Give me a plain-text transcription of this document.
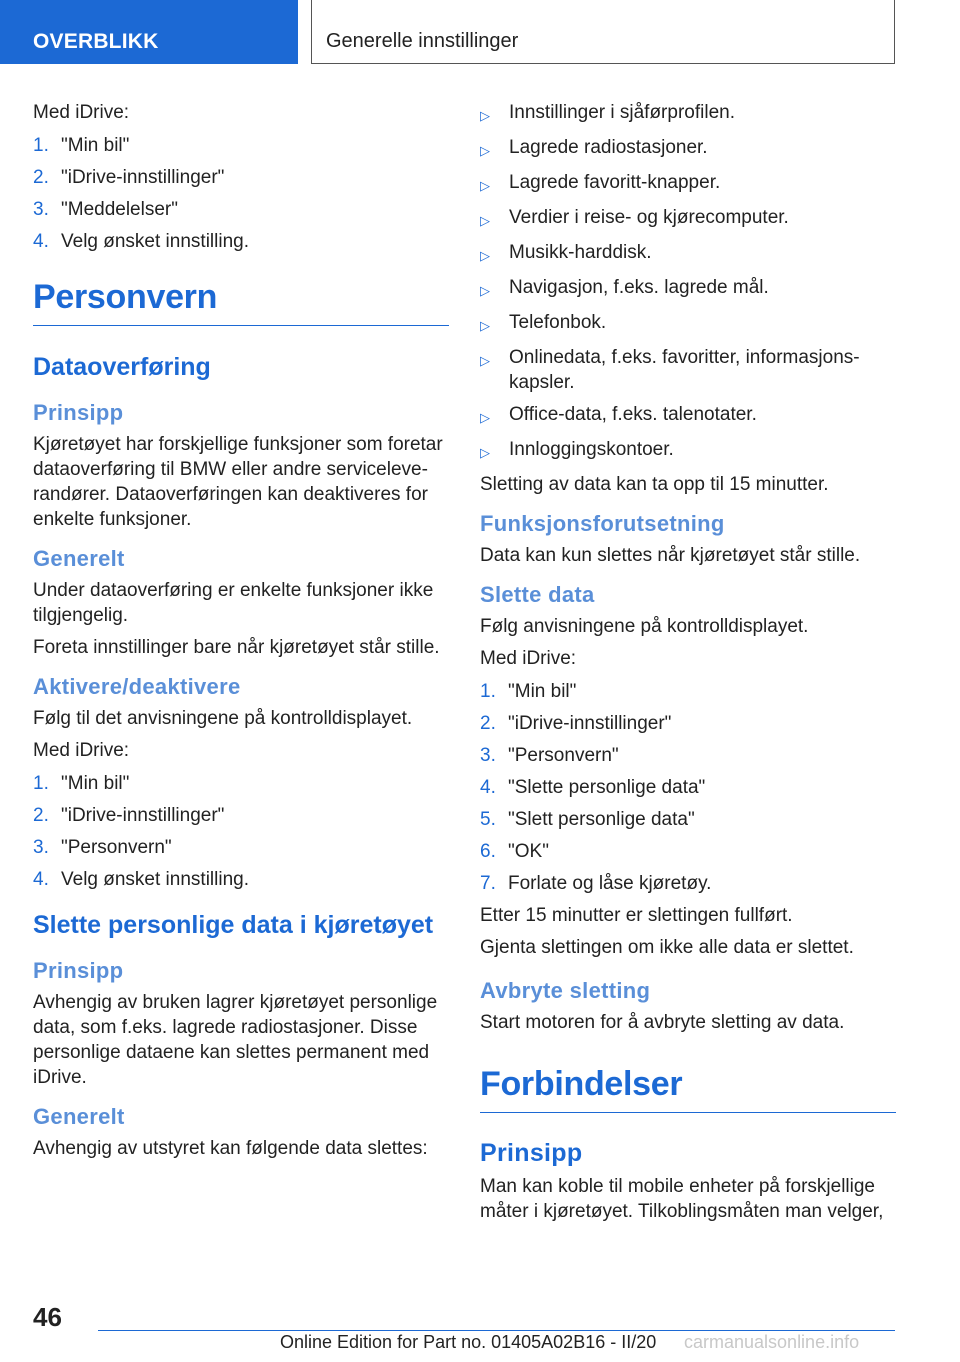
OVERBLIKK	Generelle innstillinger

Med iDrive:

1. "Min bil"
2. "iDrive-innstillinger"
3. "Meddelelser"
4. Velg ønsket innstilling.
Personvern
Dataoverføring
Prinsipp

Kjøretøyet har forskjellige funksjoner som foretar dataoverføring til BMW eller andre serviceleverandører. Dataoverføringen kan deaktiveres for enkelte funksjoner.

Generelt

Under dataoverføring er enkelte funksjoner ikke tilgjengelig.

Foreta innstillinger bare når kjøretøyet står stille.

Aktivere/deaktivere

Følg til det anvisningene på kontrolldisplayet.

Med iDrive:

1. "Min bil"
2. "iDrive-innstillinger"
3. "Personvern"
4. Velg ønsket innstilling.
Slette personlige data i kjøretøyet
Prinsipp

Avhengig av bruken lagrer kjøretøyet personlige data, som f.eks. lagrede radiostasjoner. Disse personlige dataene kan slettes permanent med iDrive.

Generelt

Avhengig av utstyret kan følgende data slettes:

▷	Innstillinger i sjåførprofilen.
▷	Lagrede radiostasjoner.
▷	Lagrede favoritt-knapper.
▷	Verdier i reise- og kjørecomputer.
▷	Musikk-harddisk.
▷	Navigasjon, f.eks. lagrede mål.
▷	Telefonbok.
▷	Onlinedata, f.eks. favoritter, informasjonskapsler.
▷	Office-data, f.eks. talenotater.
▷	Innloggingskontoer.

Sletting av data kan ta opp til 15 minutter.

Funksjonsforutsetning

Data kan kun slettes når kjøretøyet står stille.

Slette data

Følg anvisningene på kontrolldisplayet.

Med iDrive:

1. "Min bil"
2. "iDrive-innstillinger"
3. "Personvern"
4. "Slette personlige data"
5. "Slett personlige data"
6. "OK"
7. Forlate og låse kjøretøy.

Etter 15 minutter er slettingen fullført.

Gjenta slettingen om ikke alle data er slettet.

Avbryte sletting

Start motoren for å avbryte sletting av data.

Forbindelser
Prinsipp

Man kan koble til mobile enheter på forskjellige måter i kjøretøyet. Tilkoblingsmåten man velger,

46
Online Edition for Part no. 01405A02B16 - II/20 carmanualsonline.info
